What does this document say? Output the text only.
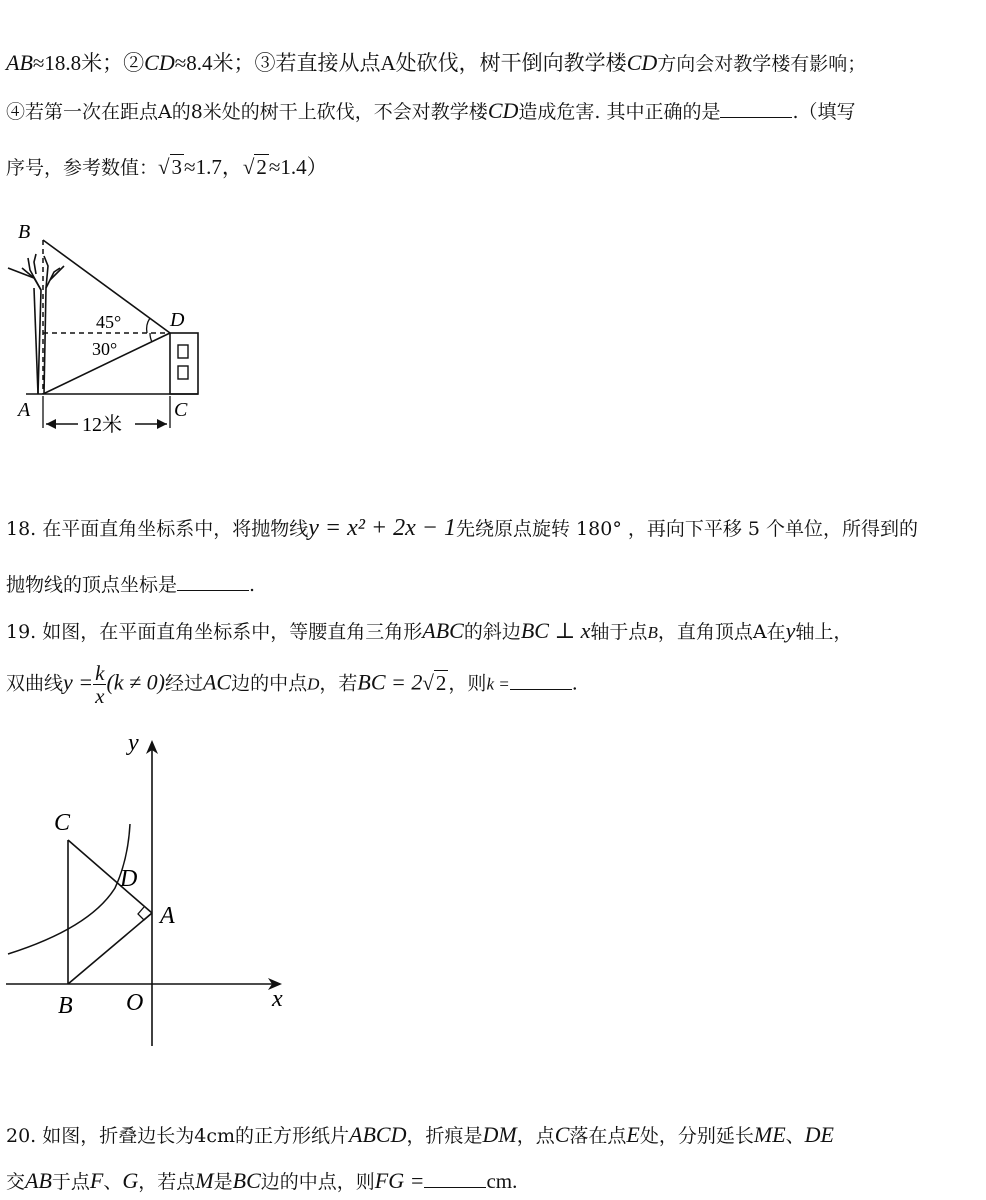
AB≈18.8米；②CD≈8.4米；③若直接从点A处砍伐，树干倒向教学楼CD方向会对教学楼有影响；
④若第一次在距点A的8米处的树干上砍伐，不会对教学楼CD造成危害. 其中正确的是	.（填写
序号，参考数值：√3≈1.7，√2≈1.4）
B
D
A	C
45°
30°
12米
18. 在平面直角坐标系中，将抛物线y = x² + 2x − 1先绕原点旋转 180° ，再向下平移 5 个单位，所得到的
抛物线的顶点坐标是	.
19. 如图，在平面直角坐标系中，等腰直角三角形ABC的斜边BC ⊥ x轴于点B，直角顶点A在y轴上，
双曲线$y = \frac{k}{x} (k \ne 0)$经过AC边的中点D，若BC = 2√2 ，则k =	.
y
x
C
D
A
B O
20. 如图，折叠边长为4cm的正方形纸片ABCD，折痕是DM，点C落在点E处，分别延长ME、DE
交AB于点F、G，若点M是BC边的中点，则FG =	cm.
